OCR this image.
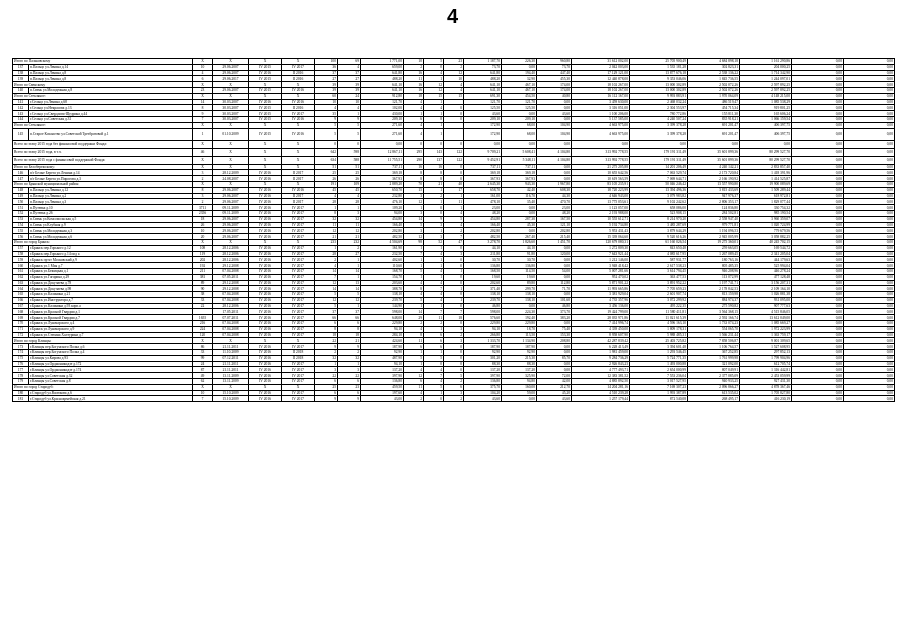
4
Итого по Пальковскому		X	X	X	X	100	69	1 771,00	10	5	23	1 187,70	226,30	960,80	31 612 002,00	25 705 900,49	4 684 898,18	1 161 290,86	0,00	0,00
137	п.Пальцо ул.Ленина д.14	10	29.06.2007	IV 2015	IV 2017	36	4	659,00	2	0	2	73,70	0,00	73,70	2 042 003,00	1 535 181,28	302 823,31	204 000,25	0,00	0,00
138	п.Пальцо ул.Ленина д.8	4	29.06.2007	IV 2016	II 2016	37	37	641,80	16	4	12	641,80	194,40	447,40	17 129 121,00	13 877 676,18	2 538 136,22	1 714 342,90	0,00	0,00
139	п.Пальцо ул.Ленина д.8	6	29.06.2017	IV 2015	II 2016	27	27	488,20	11	1	10	488,20	32,90	455,30	12 440 878,00	9 353 046,06	1 845 736,55	1 244 097,01	0,00	0,00
Итого по Свенскому		X	X	X	X	39	39	641,10	16	12	4	641,10	467,10	174,00	18 102 267,00	13 000 302,89	2 502 072,26	2 597 892,25	0,00	0,00
140	п.Свень ул.Молодежная д.8	23	29.06.2007	IV 2015	IV 2016	39	39	641,10	16	12	4	641,10	467,10	174,00	18 102 267,00	13 000 302,89	2 502 072,26	2 597 892,25	0,00	0,00
Итого по Стекляное:		X	X	X	X	60	24	912,80	18	15	15	691,30	454,50	40,80	16 112 167,00	9 993 883,91	1 970 064,09	4 148 215,00	0,00	0,00
141	г.Сельцо ул.Ленина д.68	14	30.03.2007	IV 2016	IV 2016	10	10	121,70	4	1		121,70	121,70	0,00	3 459 630,00	2 468 032,24	486 519,47	1 085 538,29	0,00	0,00
142	г.Сельцо ул.Некрасова д.13	8	30.03.2007	IV 2015	II 2016	4	4	102,00	4	4	0	125,50	125,50	0,00	3 316 051,00	2 304 553,97	454 715,34	919 801,25	0,00	0,00
143	г.Сельцо ул.Свердлова-Щедрина д.44	9	30.03.2007	IV 2015	IV 2017	35	1	430,00	1	1	0	43,60	0,00	43,60	1 100 206,00	780 772,86	155 811,30	165 606,24	0,00	0,00
144	г.Сельцо ул.Советская д.31	7	30.03.2007	IV 2015	IV 2016	9	9	209,10	6	8	0	209,10	209,10	0,00	5 137 585,00	4 240 507,24	835 918,21	1 066 159,54	0,00	0,00
Итого по Стекляное:		X	X	X	X	5	5	271,60	4	1		172,90	68,00	104,90	4 663 975,00	3 399 378,28	691 201,47	406 397,75	0,00	0,00
145	п.Старое Коханство ул.Советской Трезбратовой д.1	1	01.10.2009	IV 2015	IV 2016	5	5	271,60	4	1		172,90	68,00	104,90	4 663 975,00	3 399 378,28	691 201,47	406 397,75	0,00	0,00
Всего по этапу 2015 года без финансовой поддержки Фонда:		X	X	X	X	0	0	0,00	0	0	0	0,00	0,00	0,00	0,00	0,00	0,00	0,00	0,00	0,00
Всего по этапу 2015 года, в т.ч.		46	X	X	X	642	598	12 867,11	295	143	122	9 709,21	5 608,41	4 104,80	313 992 778,55	179 191 311,49	35 601 899,36	80 299 527,70	0,00	0,00
Всего по этапу 2015 года с финансовой поддержкой Фонда:		X	X	X	X	634	588	11 755,51	290	137	122	9 452,91	5 348,11	4 104,80	313 992 778,55	179 191 311,49	35 601 899,36	80 299 527,70	0,00	0,00
Итого по Белобережскому:		X	X	X	X	51	51	737,11	16	16	0	737,11	737,11	0,00	21 275 205,88	14 201 206,49	4 240 142,21	2 833 857,40	0,00	0,00
146	п/г Белые Берега ул.Ленина д.14	3	28.12.2009	IV 2016	II 2017	25	25	369,18	8	8	0	369,18	369,18	0,00	10 655 642,56	7 063 529,74	2 173 720,84	1 418 391,96	0,00	0,00
147	п/г Белые Берега ул.Пирогова д.3	2	24.08.2007	IV 2016	II 2017	26	26	367,93	8	8	0	367,93	367,93	0,00	10 619 563,59	7 069 644,71	2 166 190,92	1 414 525,87	0,00	0,00
Итого по Брянской муниципальной район:		X	X	X	X	191	109	2 889,20	70	21	40	2 645,30	943,30	1 967,80	83 105 235,91	50 046 246,42	13 557 990,80	19 900 089,69	0,00	0,00
148	п.Пальцо ул.Ленина д.12	8	29.06.2007	IV 2016	IV 2016	45	45	650,70	15	1	17	658,70	42,40	608,30	18 720 223,99	13 394 496,36	3 815 433,69	1 509 289,44	0,00	0,00
149	п.Пальцо ул.Ленина д.2	3	29.06.2007	IV 2016	II 2017	4	4	232,80	3	2	1	161,00	116,70	44,30	4 646 943,00	3 079 983,82	947 976,37	618 972,81	0,00	0,00
150	п.Пальцо ул.Ленина д.3	2	29.06.2007	IV 2016	II 2017	28	28	476,10	12	1	11	478,10	35,40	470,70	13 775 053,61	9 102 242,62	2 806 353,17	1 829 077,44	0,00	0,00
151	п.Путевка д.10	3711	09.11.2009	IV 2016	IV 2017	1	1	109,20	1	0	1	23,00	0,00	23,00	1 123 057,00	658 086,00	124 836,80	330 754,32	0,00	0,00
152	п.Путевка д.26	2356	09.11.2009	IV 2016	IV 2017	8	3	94,00	3	0	4	48,20	0,00	48,20	2 193 988,00	523 908,15	284 502,81	985 190,54	0,00	0,00
153	п.Свень ул.Комсомольская д.5	18	29.06.2007	IV 2016	IV 2017	32	32	454,80	14	9	5	454,80	287,30	167,50	10 555 612,71	8 214 970,20	2 558 947,40	3 960 359,07	0,00	0,00
154	п.Свень ул.Клубная д.9	26	29.06.2007	IV 2016	IV 2017	11	11	166,40	5	3	4	166,40	45,30	121,10	5 192 734,80	3 485 287,69	979 771,81	1 020 724,99	0,00	0,00
155	п.Свень ул.Молодежная д.3	10	29.06.2007	IV 2016	IV 2017	12	12	202,80	3	1	2	202,80	0,00	202,80	5 953 431,43	3 879 644,29	1 194 096,53	779 679,56	0,00	0,00
156	п.Свень ул.Молодежная д.6	20	29.06.2007	IV 2016	IV 2017	21	21	482,50	12	3	7	482,50	267,40	215,40	15 339 064,60	9 520 616,26	2 945 005,99	3 058 882,25	0,00	0,00
Итого по город Брянск:		X	X	X	X	233	232	4 504,69	98	52	47	3 278,70	1 826,60	1 451,70	120 679 080,31	61 160 026,54	19 275 360,01	40 245 702,15	0,00	0,00
157	г.Брянск пер.Горького д.12	108	28.12.2006	IV 2016	IV 2017	1	2	161,90	1	1	0	44,10	44,10	0,00	1 272 809,30	843 650,48	259 663,05	169 544,72	0,00	0,00
158	г.Брянск пер.Горького д.14 под а	119	28.12.2006	IV 2016	IV 2017	28	27	232,50	7	4	3	211,80	91,80	120,00	7 643 921,44	4 085 617,95	1 267 089,45	2 341 205,04	0,00	0,00
159	г.Брянск пр-кт Московский д.9	202	28.12.2006	IV 2016	IV 2017	2	1	402,60	1	1	0	30,70	30,70	0,00	1 212 146,00	587 931,77	180 763,16	444 179,63	0,00	0,00
160	г.Брянск ул.1 Мая д.7	192	29.12.2008	IV 2016	IV 2017	4	1	110,60	1	1	0	136,80	136,80	0,00	3 948 418,42	2 617 538,23	805 485,35	525 994,04	0,00	0,00
161	г.Брянск ул.Бежицкая д.1	211	07.04.2008	IV 2016	IV 2017	14	14	168,70	5	4	1	168,50	114,50	54,00	5 007 281,66	3 614 794,45	946 208,96	446 278,24	0,00	0,00
162	г.Брянск ул.Гагарина д.29	381	07.05.2011	IV 2016	IV 2017	7	1	154,70	1	1	0	19,60	19,60	0,00	952 470,02	363 477,53	113 072,99	477 128,48	0,00	0,00
163	г.Брянск ул.Докучаева д.78	89	29.12.2008	IV 2016	IV 2017	12	13	203,60	4	4	0	202,60	89,80	112,80	5 871 901,22	3 891 952,22	1 197 741,71	3 156 207,31	0,00	0,00
164	г.Брянск ул.Докучаева д.98	90	29.12.2008	IV 2016	IV 2017	14	14	388,70	8	7	1	371,40	299,70	71,70	11 993 665,86	7 705 659,23	2 178 842,53	2 109 164,10	0,00	0,00
165	г.Брянск ул.Калинина д.21	38	07.04.2008	IV 2016	IV 2017	5	5	138,10	4	4	0	138,10	138,10	0,00	3 381 929,04	2 601 907,74	813 159,98	1 026 881,38	0,00	0,00
166	г.Брянск ул.Инструктора д.7	33	07.04.2008	IV 2016	IV 2017	12	12	239,70	5	4	1	239,70	138,10	101,60	4 735 357,96	3 072 299,92	884 974,37	931 095,00	0,00	0,00
167	г.Брянск ул.Калинина д.93 корп.а	22	28.12.2006	IV 2016	IV 2017	5	1	144,90	1	1	0	46,80	0,00	46,80	3 456 136,00	495 222,35	275 590,82	907 777,63	0,00	0,00
168	г.Брянск ул.Красной Гвардии д.1		17.05.2011	IV 2016	IV 2017	37	37	598,00	14	7	7	598,00	224,30	373,70	19 424 799,00	11 580 411,81	3 564 368,15	4 515 846,05	0,00	0,00
169	г.Брянск ул.Красной Гвардии д.7	1655	07.07.2011	IV 2016	IV 2017	66	66	648,00	29	11	18	576,60	192,40	383,20	28 035 971,86	11 021 615,39	2 592 166,74	13 612 049,00	0,00	0,00
170	г.Брянск ул.Луначарского д.4	216	07.04.2008	IV 2016	IV 2017	6	6	229,80	2	2	0	229,80	229,80	0,00	7 414 996,74	4 596 163,10	1 733 074,23	1 085 669,27	0,00	0,00
171	г.Брянск ул.Луначарского д.9	224	07.04.2008	IV 2016	IV 2017	8	8	94,10	4	1	3	94,10	18,70	75,40	4 339 450,00	1 809 178,31	554 065,70	1 972 223,99	0,00	0,00
172	г.Брянск ул.Степана Халтурина д.7	120	07.04.2008	IV 2016	IV 2017	18	18	284,10	8	6	2	266,80	113,50	153,30	8 958 607,90	5 988 485,31	1 566 231,44	1 363 759,17	0,00	0,00
Итого по город Клинцы:		X	X	X	X	22	21	424,60	11	6	3	1 333,70	1 134,90	208,80	42 287 839,42	25 403 725,82	7 858 506,87	9 001 309,65	0,00	0,00
173	г.Клинцы пер.Богунского Полка д.6	86	21.11.2011	IV 2016	IV 2017	9	9	187,90	6	6	0	187,90	187,90	0,00	6 228 413,49	3 394 601,48	1 106 764,57	1 527 608,95	0,00	0,00
174	г.Клинцы пер.Богунского Полка д.4	33	11.10.2009	IV 2016	II 2018	2	2	92,90	1	1	0	92,90	92,90	0,00	1 981 459,00	1 293 546,45	367 252,85	297 852,13	0,00	0,00
175	г.Клинцы ул.Кирова д.93	99	07.12.2011	IV 2016	II 2018	32	32	487,90	5	5	0	301,20	215,30	85,70	9 284 736,29	5 724 771,35	1 761 999,98	1 799 904,96	0,00	0,00
176	г.Клинцы ул.Орджоникидзе д.172	24	21.11.2011	IV 2016	IV 2017	1	1	94,10	1	0	0	88,30	88,30	0,00	2 926 843,23	1 493 000,88	321 092,00	612 705,74	0,00	0,00
177	г.Клинцы ул.Орджоникидзе д.174	87	21.11.2011	IV 2016	IV 2017	3	3	137,20	4	4	0	137,20	137,20	0,00	4 777 493,71	2 654 000,99	807 049,91	1 316 442,81	0,00	0,00
178	г.Клинцы ул.Советская д.32	49	13.11.2009	IV 2016	IV 2017	22	22	397,90	12	7	5	397,90	325,90	72,00	12 383 381,52	7 553 236,04	2 377 085,09	2 453 059,99	0,00	0,00
179	г.Клинцы ул.Советская д.8	62	13.11.2009	IV 2016	IV 2017	6	6	136,80	6	4	2	136,80	94,80	42,00	4 885 892,50	3 017 527,95	940 933,25	927 431,30	0,00	0,00
Итого по город Стародуб:		X	X	X	X	25	23	459,50	11	5	6	375,70	160,00	212,70	14 204 281,16	7 169 307,23	2 096 866,27	4 878 367,46	0,00	0,00
180	г.Стародуб ул.Васюкова д.6	10	15.10.2009	IV 2016	IV 2017	6	6	197,60	4	1	3	104,20	59,00	45,20	4 510 239,28	1 993 387,89	613 535,02	1 705 827,80	0,00	0,00
181	г.Стародуб ул.Красноармейская д.21	7	15.10.2009	IV 2016	IV 2017	9	9	43,00	2	0	2	43,60	0,00	43,60	1 257 179,44	872 540,08	268 495,17	416 230,19	0,00	0,00
